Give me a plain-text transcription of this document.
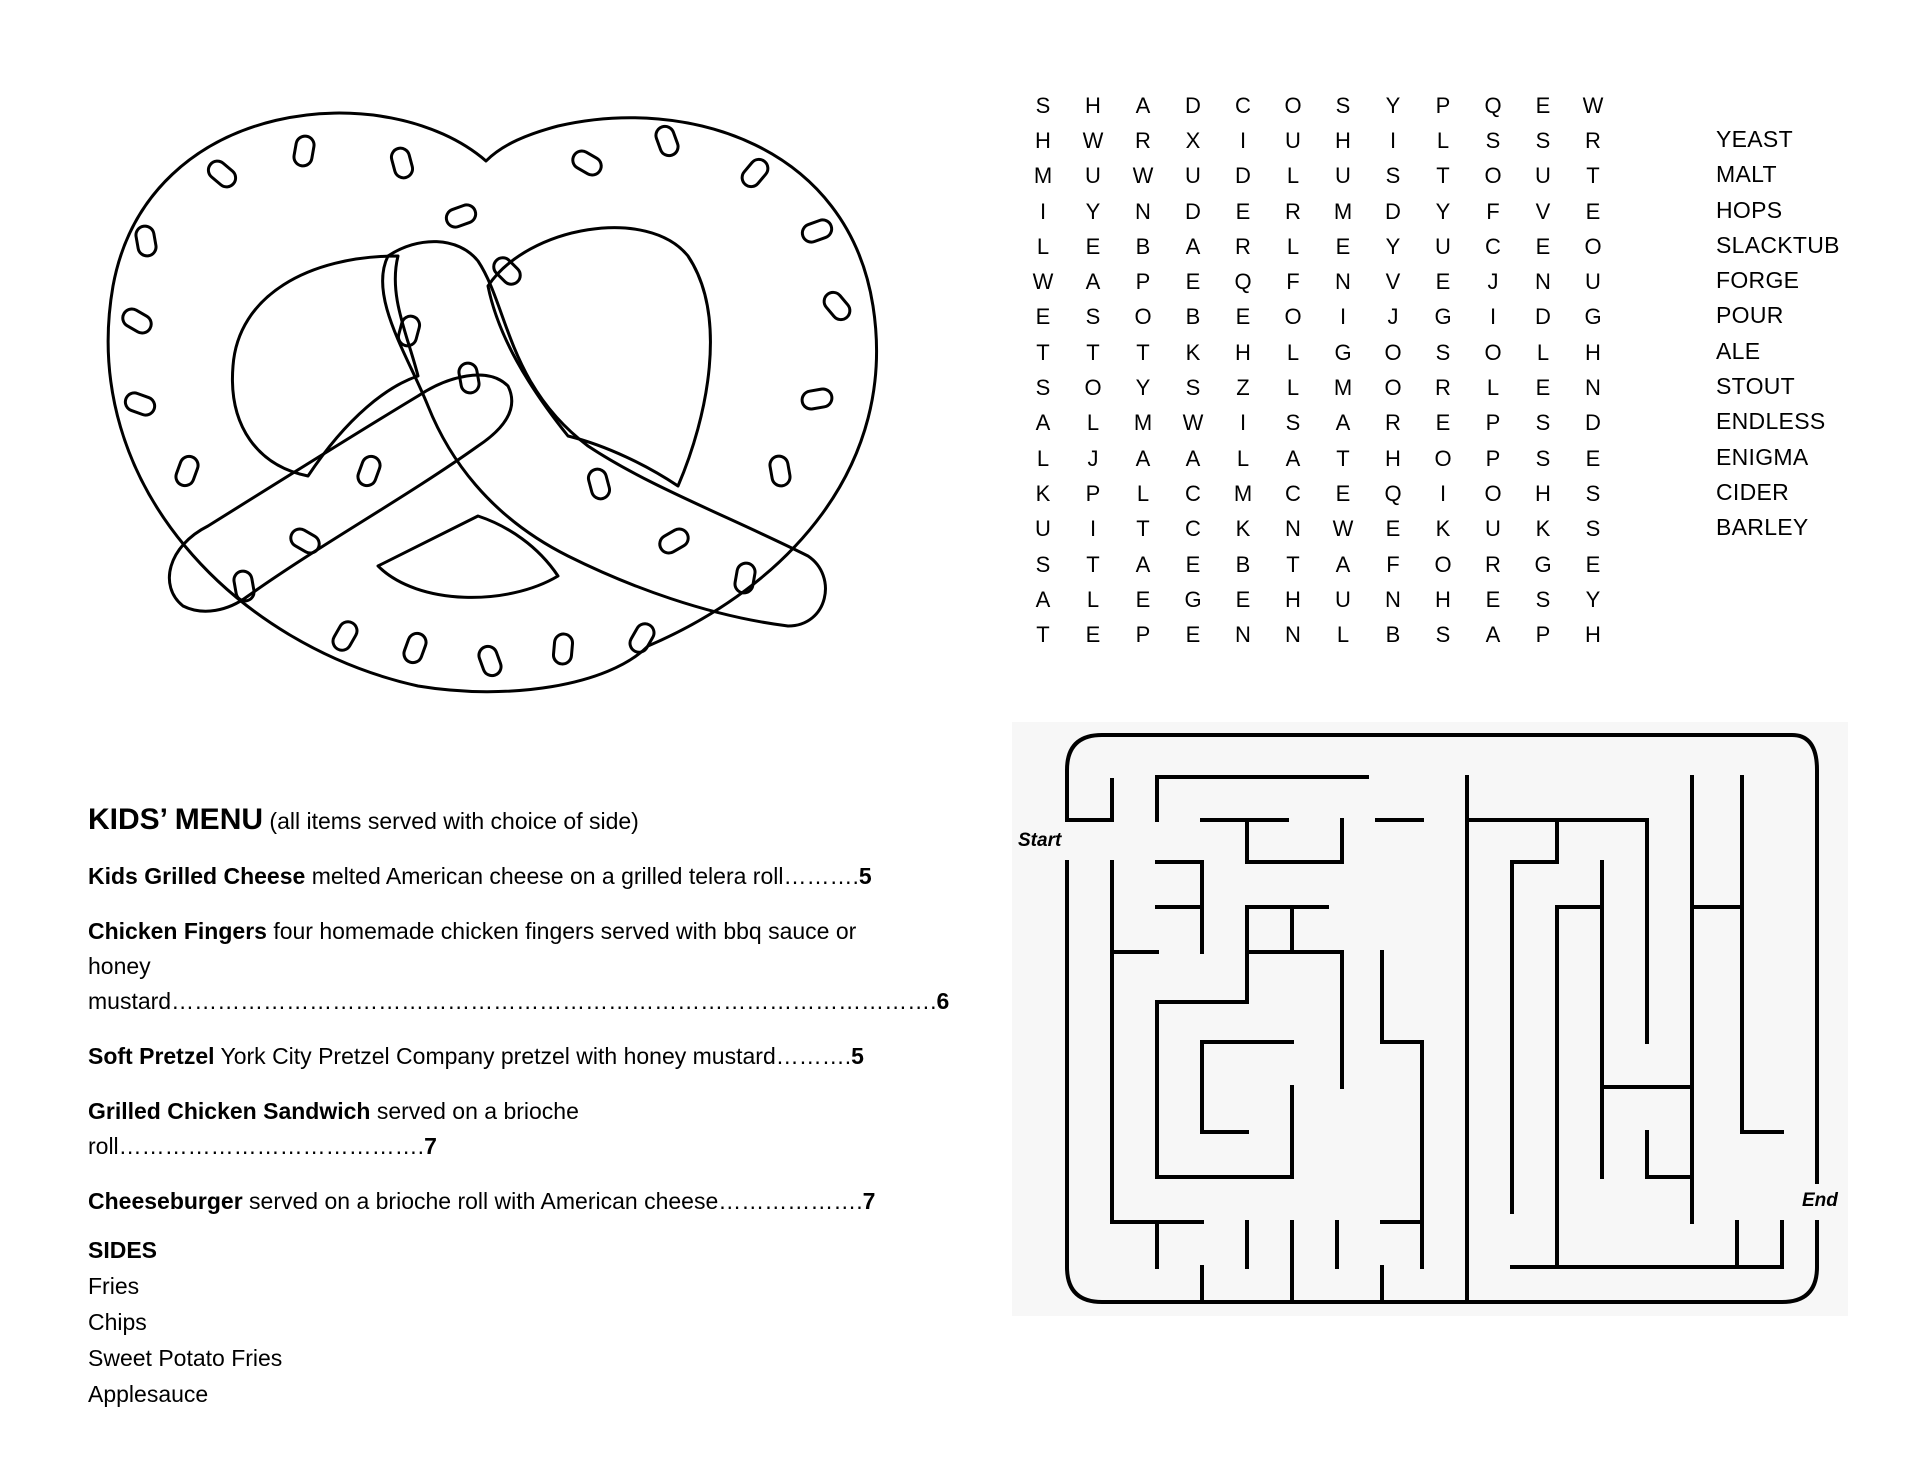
KIDS’ MENU (all items served with choice of side)
Kids Grilled Cheese melted American cheese on a grilled telera roll……….5
Chicken Fingers four homemade chicken fingers served with bbq sauce or honey mustard……………………………………………………………………………………….6
Soft Pretzel York City Pretzel Company pretzel with honey mustard……….5
Grilled Chicken Sandwich served on a brioche roll………………………………….7
Cheeseburger served on a brioche roll with American cheese……………….7
SIDES
Fries
Chips
Sweet Potato Fries
Applesauce
S	H	A	D	C	O	S	Y	P	Q	E	W
H	W	R	X	I	U	H	I	L	S	S	R
M	U	W	U	D	L	U	S	T	O	U	T
I	Y	N	D	E	R	M	D	Y	F	V	E
L	E	B	A	R	L	E	Y	U	C	E	O
W	A	P	E	Q	F	N	V	E	J	N	U
E	S	O	B	E	O	I	J	G	I	D	G
T	T	T	K	H	L	G	O	S	O	L	H
S	O	Y	S	Z	L	M	O	R	L	E	N
A	L	M	W	I	S	A	R	E	P	S	D
L	J	A	A	L	A	T	H	O	P	S	E
K	P	L	C	M	C	E	Q	I	O	H	S
U	I	T	C	K	N	W	E	K	U	K	S
S	T	A	E	B	T	A	F	O	R	G	E
A	L	E	G	E	H	U	N	H	E	S	Y
T	E	P	E	N	N	L	B	S	A	P	H
YEAST
MALT
HOPS
SLACKTUB
FORGE
POUR
ALE
STOUT
ENDLESS
ENIGMA
CIDER
BARLEY
Start
End
